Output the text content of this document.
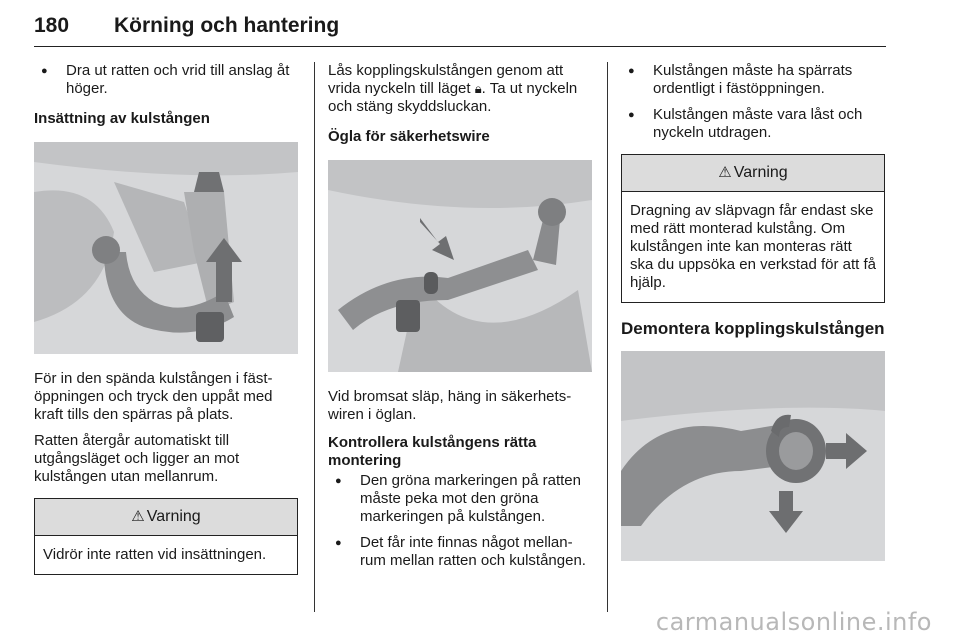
180 Körning och hantering
● Dra ut ratten och vrid till anslag åt höger.
Insättning av kulstången
För in den spända kulstången i fäst-öppningen och tryck den uppåt med kraft tills den spärras på plats.
Ratten återgår automatiskt till utgångsläget och ligger an mot kulstången utan mellanrum.
⚠ Varning
Vidrör inte ratten vid insättningen.
Lås kopplingskulstången genom att vrida nyckeln till läget 🔒︎. Ta ut nyckeln och stäng skyddsluckan.
Ögla för säkerhetswire
Vid bromsat släp, häng in säkerhets-wiren i öglan.
Kontrollera kulstångens rätta montering
● Den gröna markeringen på ratten måste peka mot den gröna markeringen på kulstången.
● Det får inte finnas något mellan-rum mellan ratten och kulstången.
● Kulstången måste ha spärrats ordentligt i fästöppningen.
● Kulstången måste vara låst och nyckeln utdragen.
⚠ Varning
Dragning av släpvagn får endast ske med rätt monterad kulstång. Om kulstången inte kan monteras rätt ska du uppsöka en verkstad för att få hjälp.
Demontera kopplingskulstången
carmanualsonline.info
